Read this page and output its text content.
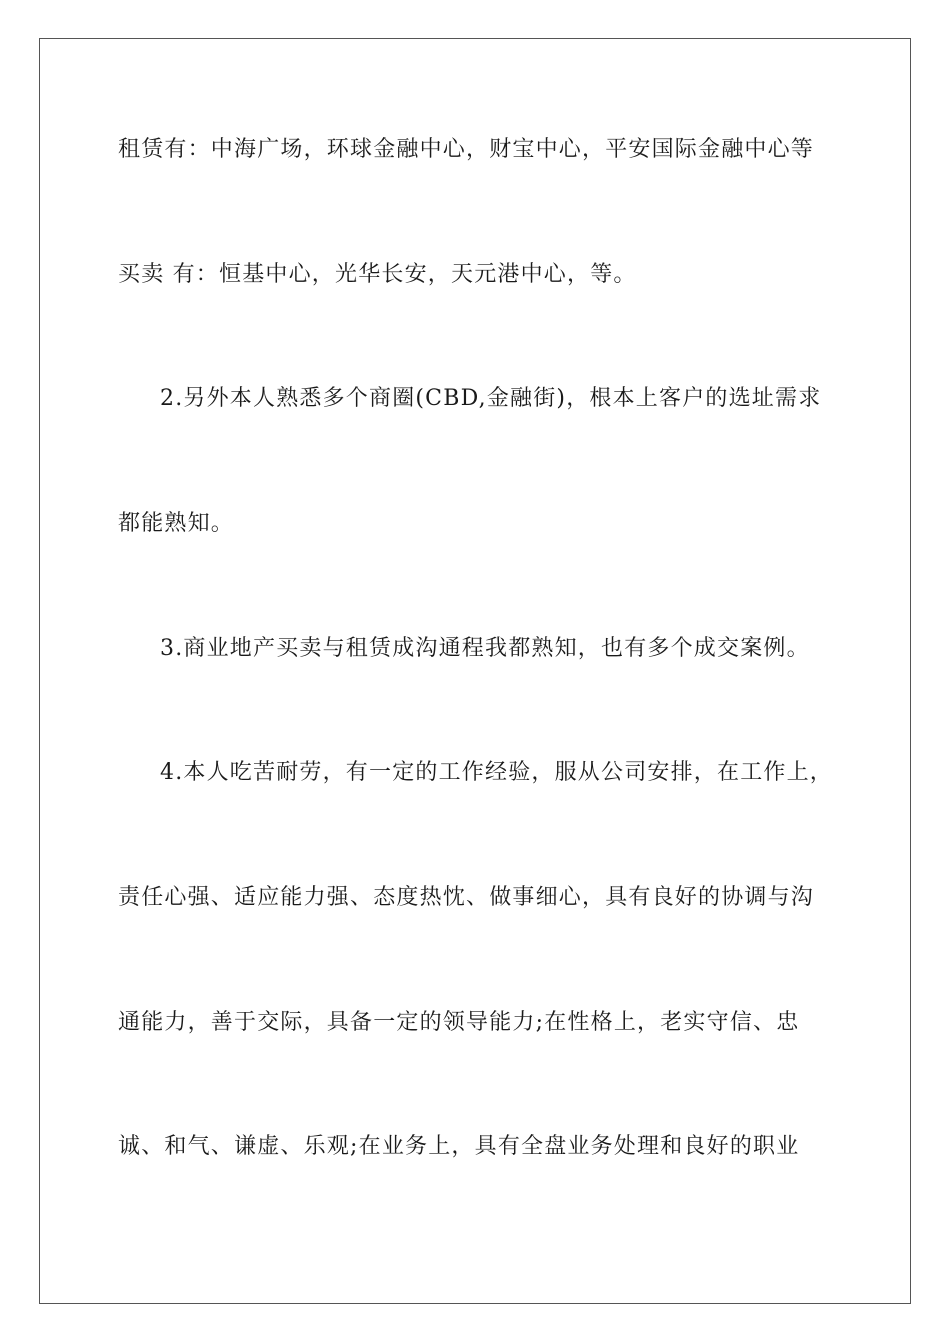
租赁有：中海广场，环球金融中心，财宝中心，平安国际金融中心等
买卖 有：恒基中心，光华长安，天元港中心，等。
2.另外本人熟悉多个商圈(CBD,金融街)，根本上客户的选址需求
都能熟知。
3.商业地产买卖与租赁成沟通程我都熟知，也有多个成交案例。
4.本人吃苦耐劳，有一定的工作经验，服从公司安排，在工作上，
责任心强、适应能力强、态度热忱、做事细心，具有良好的协调与沟
通能力，善于交际，具备一定的领导能力;在性格上，老实守信、忠
诚、和气、谦虚、乐观;在业务上，具有全盘业务处理和良好的职业
